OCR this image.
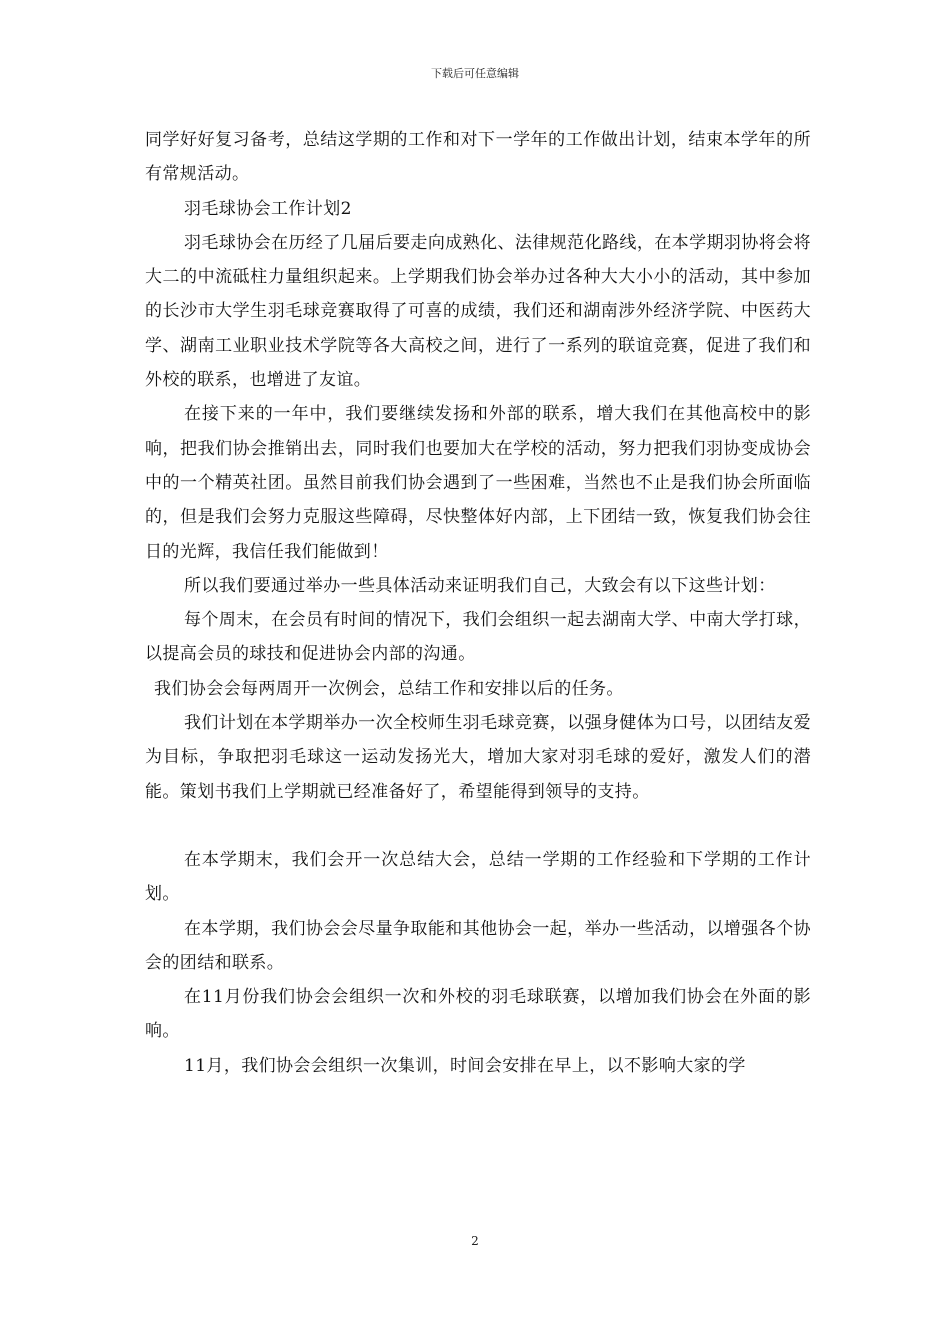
下载后可任意编辑

同学好好复习备考，总结这学期的工作和对下一学年的工作做出计划，结束本学年的所有常规活动。

羽毛球协会工作计划2

羽毛球协会在历经了几届后要走向成熟化、法律规范化路线，在本学期羽协将会将大二的中流砥柱力量组织起来。上学期我们协会举办过各种大大小小的活动，其中参加的长沙市大学生羽毛球竞赛取得了可喜的成绩，我们还和湖南涉外经济学院、中医药大学、湖南工业职业技术学院等各大高校之间，进行了一系列的联谊竞赛，促进了我们和外校的联系，也增进了友谊。

在接下来的一年中，我们要继续发扬和外部的联系，增大我们在其他高校中的影响，把我们协会推销出去，同时我们也要加大在学校的活动，努力把我们羽协变成协会中的一个精英社团。虽然目前我们协会遇到了一些困难，当然也不止是我们协会所面临的，但是我们会努力克服这些障碍，尽快整体好内部，上下团结一致，恢复我们协会往日的光辉，我信任我们能做到！

所以我们要通过举办一些具体活动来证明我们自己，大致会有以下这些计划：

每个周末，在会员有时间的情况下，我们会组织一起去湖南大学、中南大学打球，以提高会员的球技和促进协会内部的沟通。

我们协会会每两周开一次例会，总结工作和安排以后的任务。

我们计划在本学期举办一次全校师生羽毛球竞赛，以强身健体为口号，以团结友爱为目标，争取把羽毛球这一运动发扬光大，增加大家对羽毛球的爱好，激发人们的潜能。策划书我们上学期就已经准备好了，希望能得到领导的支持。

在本学期末，我们会开一次总结大会，总结一学期的工作经验和下学期的工作计划。

在本学期，我们协会会尽量争取能和其他协会一起，举办一些活动，以增强各个协会的团结和联系。

在11月份我们协会会组织一次和外校的羽毛球联赛，以增加我们协会在外面的影响。

11月，我们协会会组织一次集训，时间会安排在早上，以不影响大家的学

2
